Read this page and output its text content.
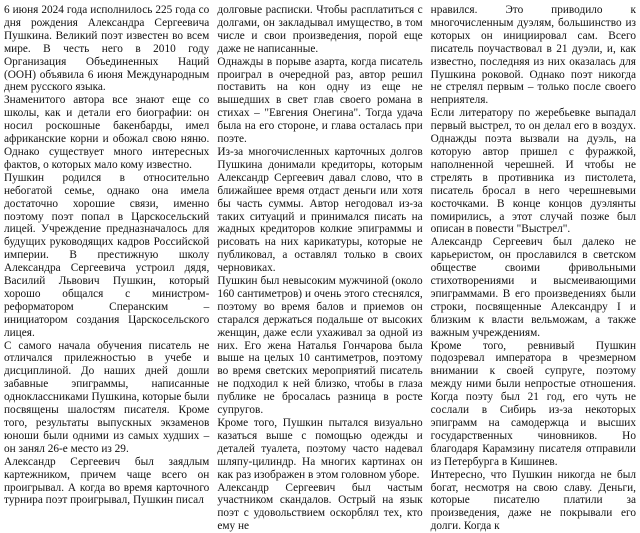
6 июня 2024 года исполнилось 225 года со дня рождения Александра Сергеевича Пушкина. Великий поэт известен во всем мире. В честь него в 2010 году Организация Объединенных Наций (ООН) объявила 6 июня Международным днем русского языка.

Знаменитого автора все знают еще со школы, как и детали его биографии: он носил роскошные бакенбарды, имел африканские корни и обожал свою няню. Однако существует много интересных фактов, о которых мало кому известно.

Пушкин родился в относительно небогатой семье, однако она имела достаточно хорошие связи, именно поэтому поэт попал в Царскосельский лицей. Учреждение предназначалось для будущих руководящих кадров Российской империи. В престижную школу Александра Сергеевича устроил дядя, Василий Львович Пушкин, который хорошо общался с министром-реформатором Сперанским – инициатором создания Царскосельского лицея.

С самого начала обучения писатель не отличался прилежностью в учебе и дисциплиной. До наших дней дошли забавные эпиграммы, написанные одноклассниками Пушкина, которые были посвящены шалостям писателя. Кроме того, результаты выпускных экзаменов юноши были одними из самых худших – он занял 26-е место из 29.

Александр Сергеевич был заядлым картежником, причем чаще всего он проигрывал. А когда во время карточного турнира поэт проигрывал, Пушкин писал

долговые расписки. Чтобы расплатиться с долгами, он закладывал имущество, в том числе и свои произведения, порой еще даже не написанные.

Однажды в порыве азарта, когда писатель проиграл в очередной раз, автор решил поставить на кон одну из еще не вышедших в свет глав своего романа в стихах – "Евгения Онегина". Тогда удача была на его стороне, и глава осталась при поэте.

Из-за многочисленных карточных долгов Пушкина донимали кредиторы, которым Александр Сергеевич давал слово, что в ближайшее время отдаст деньги или хотя бы часть суммы. Автор негодовал из-за таких ситуаций и принимался писать на жадных кредиторов колкие эпиграммы и рисовать на них карикатуры, которые не публиковал, а оставлял только в своих черновиках.

Пушкин был невысоким мужчиной (около 160 сантиметров) и очень этого стеснялся, поэтому во время балов и приемов он старался держаться подальше от высоких женщин, даже если ухаживал за одной из них. Его жена Наталья Гончарова была выше на целых 10 сантиметров, поэтому во время светских мероприятий писатель не подходил к ней близко, чтобы в глаза публике не бросалась разница в росте супругов.

Кроме того, Пушкин пытался визуально казаться выше с помощью одежды и деталей туалета, поэтому часто надевал шляпу-цилиндр. На многих картинах он как раз изображен в этом головном уборе.

Александр Сергеевич был частым участником скандалов. Острый на язык поэт с удовольствием оскорблял тех, кто ему не

нравился. Это приводило к многочисленным дуэлям, большинство из которых он инициировал сам. Всего писатель поучаствовал в 21 дуэли, и, как известно, последняя из них оказалась для Пушкина роковой. Однако поэт никогда не стрелял первым – только после своего неприятеля.

Если литератору по жеребьевке выпадал первый выстрел, то он делал его в воздух. Однажды поэта вызвали на дуэль, на которую автор пришел с фуражкой, наполненной черешней. И чтобы не стрелять в противника из пистолета, писатель бросал в него черешневыми косточками. В конце концов дуэлянты помирились, а этот случай позже был описан в повести "Выстрел".

Александр Сергеевич был далеко не карьеристом, он прославился в светском обществе своими фривольными стихотворениями и высмеивающими эпиграммами. В его произведениях были строки, посвященные Александру I и близким к власти вельможам, а также важным учреждениям.

Кроме того, ревнивый Пушкин подозревал императора в чрезмерном внимании к своей супруге, поэтому между ними были непростые отношения. Когда поэту был 21 год, его чуть не сослали в Сибирь из-за некоторых эпиграмм на самодержца и высших государственных чиновников. Но благодаря Карамзину писателя отправили из Петербурга в Кишинев.

Интересно, что Пушкин никогда не был богат, несмотря на свою славу. Деньги, которые писателю платили за произведения, даже не покрывали его долги. Когда к
